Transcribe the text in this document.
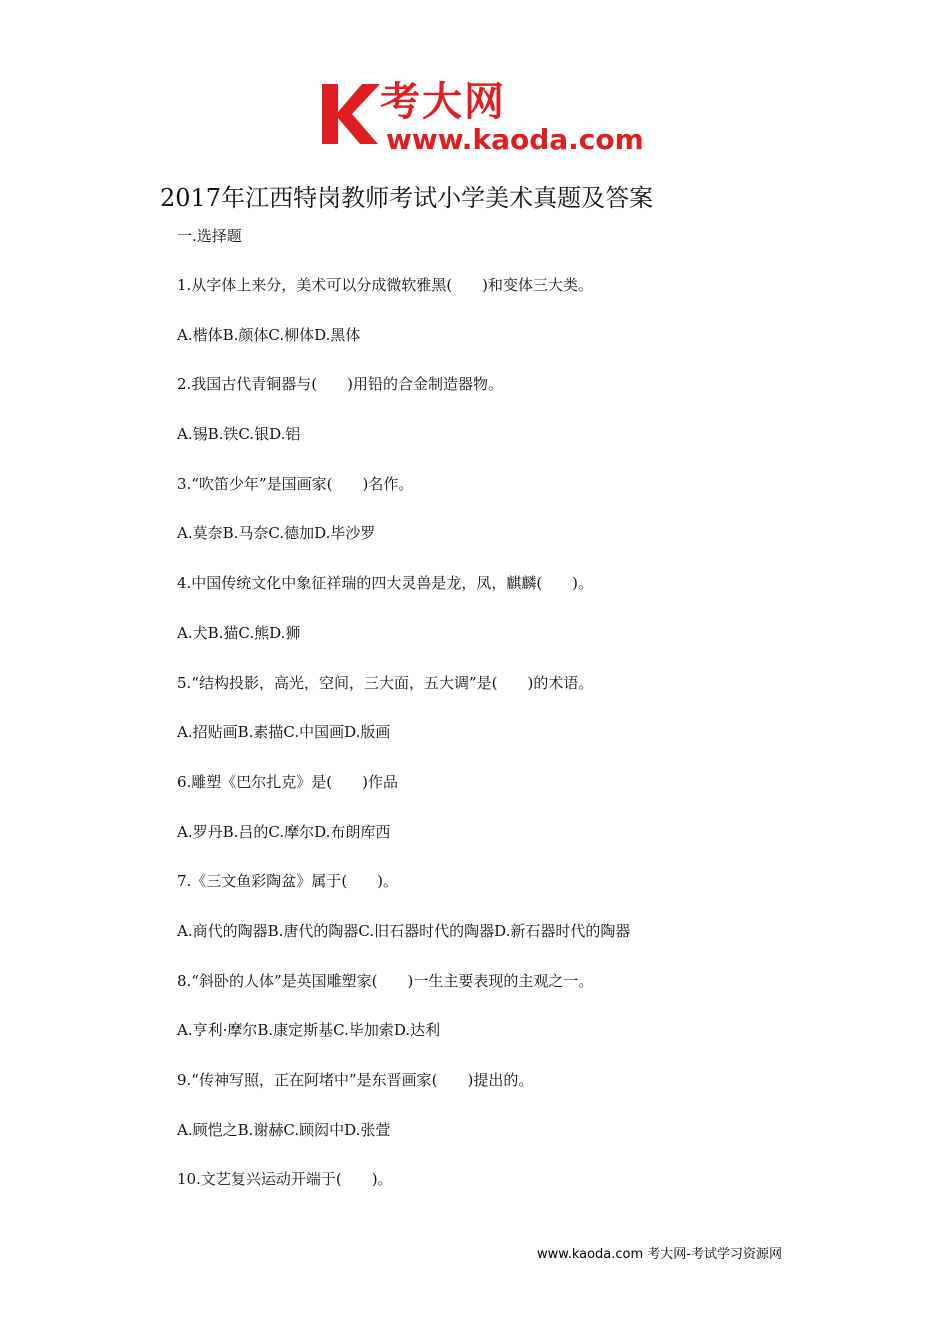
考大网
www.kaoda.com
2017年江西特岗教师考试小学美术真题及答案
一.选择题
1.从字体上来分，美术可以分成微软雅黑(　　)和变体三大类。
A.楷体B.颜体C.柳体D.黑体
2.我国古代青铜器与(　　)用铅的合金制造器物。
A.锡B.铁C.银D.铝
3.“吹笛少年”是国画家(　　)名作。
A.莫奈B.马奈C.德加D.毕沙罗
4.中国传统文化中象征祥瑞的四大灵兽是龙，凤，麒麟(　　)。
A.犬B.猫C.熊D.狮
5.“结构投影，高光，空间，三大面，五大调”是(　　)的术语。
A.招贴画B.素描C.中国画D.版画
6.雕塑《巴尔扎克》是(　　)作品
A.罗丹B.吕的C.摩尔D.布朗库西
7.《三文鱼彩陶盆》属于(　　)。
A.商代的陶器B.唐代的陶器C.旧石器时代的陶器D.新石器时代的陶器
8.“斜卧的人体”是英国雕塑家(　　)一生主要表现的主观之一。
A.亨利·摩尔B.康定斯基C.毕加索D.达利
9.“传神写照，正在阿堵中”是东晋画家(　　)提出的。
A.顾恺之B.谢赫C.顾闳中D.张萱
10.文艺复兴运动开端于(　　)。
www.kaoda.com 考大网-考试学习资源网
